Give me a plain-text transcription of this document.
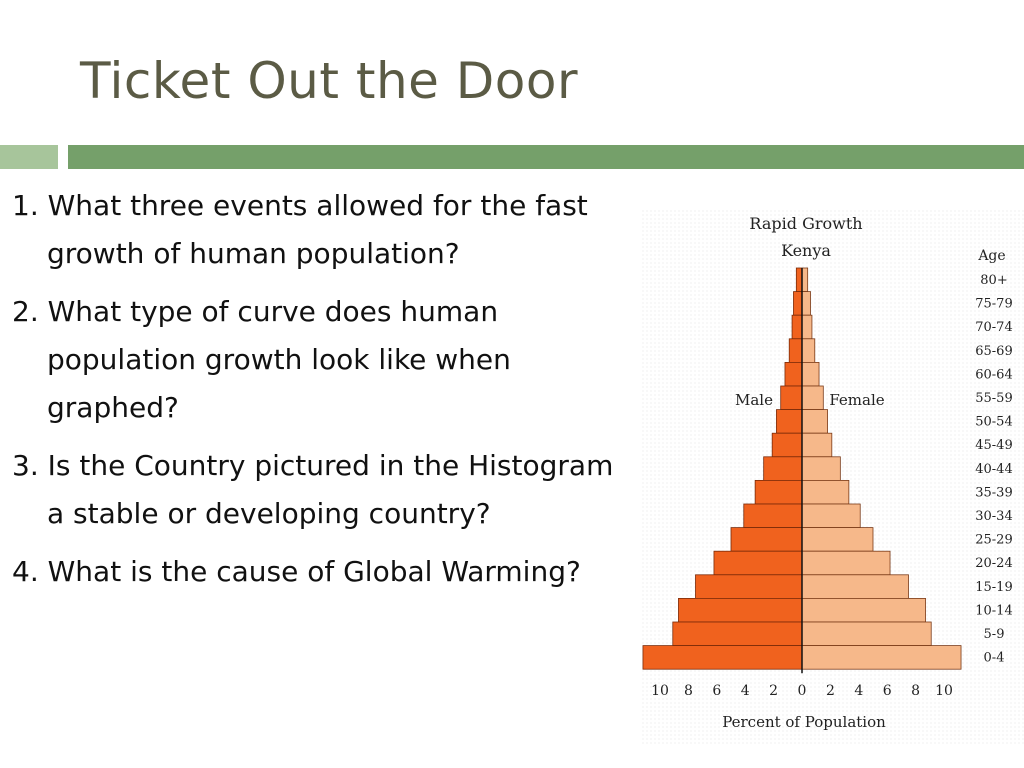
Ticket Out the Door
1. What three events allowed for the fast growth of human population?
2. What type of curve does human population growth look like when graphed?
3. Is the Country pictured in the Histogram a stable or developing country?
4. What is the cause of Global Warming?
Rapid Growth
Kenya	Age
Male	Female
80+
75-79
70-74
65-69
60-64
55-59
50-54
45-49
40-44
35-39
30-34
25-29
20-24
15-19
10-14
5-9
0-4
10 8 6 4 2 0 2 4 6 8 10
Percent of Population
